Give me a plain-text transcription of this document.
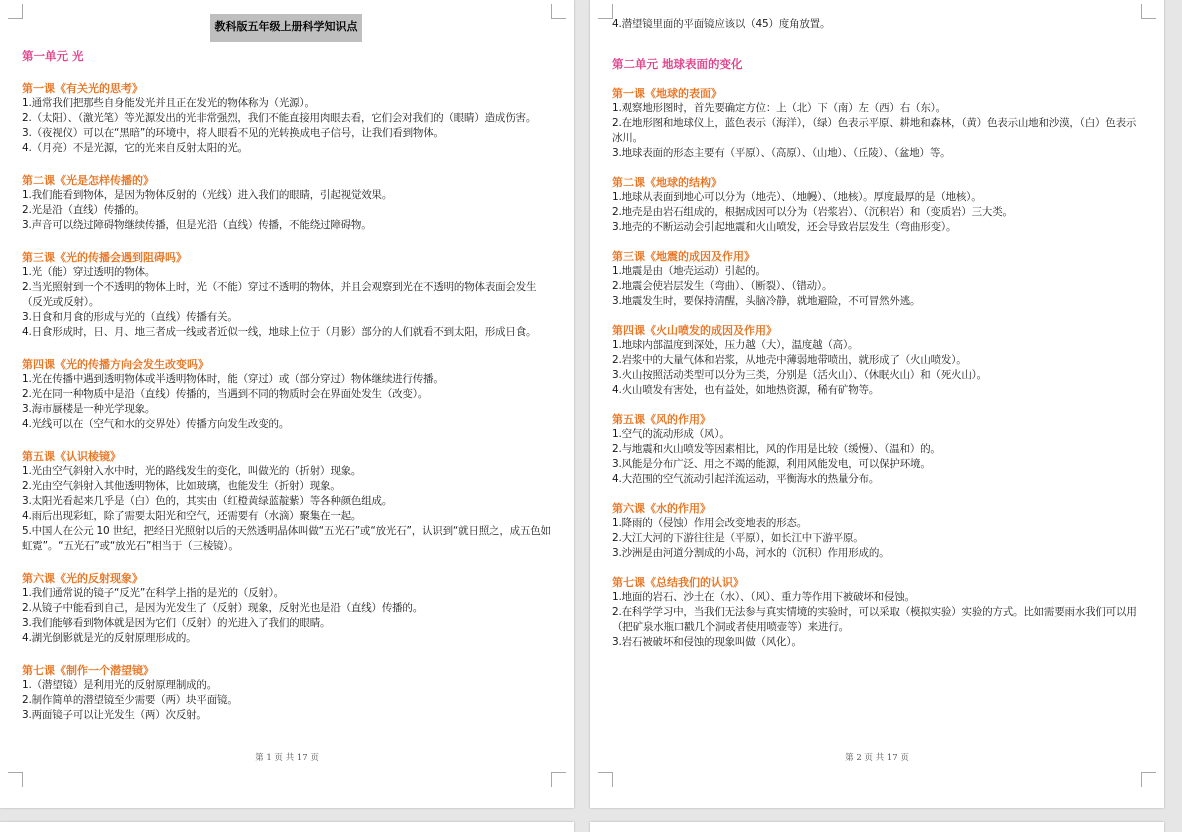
教科版五年级上册科学知识点
第一单元 光
第一课《有关光的思考》
1.通常我们把那些自身能发光并且正在发光的物体称为（光源）。
2.（太阳）、（激光笔）等光源发出的光非常强烈，我们不能直接用肉眼去看，它们会对我们的（眼睛）造成伤害。
3.（夜视仪）可以在“黑暗”的环境中，将人眼看不见的光转换成电子信号，让我们看到物体。
4.（月亮）不是光源，它的光来自反射太阳的光。
第二课《光是怎样传播的》
1.我们能看到物体，是因为物体反射的（光线）进入我们的眼睛，引起视觉效果。
2.光是沿（直线）传播的。
3.声音可以绕过障碍物继续传播，但是光沿（直线）传播，不能绕过障碍物。
第三课《光的传播会遇到阻碍吗》
1.光（能）穿过透明的物体。
2.当光照射到一个不透明的物体上时，光（不能）穿过不透明的物体，并且会观察到光在不透明的物体表面会发生（反光或反射）。
3.日食和月食的形成与光的（直线）传播有关。
4.日食形成时，日、月、地三者成一线或者近似一线，地球上位于（月影）部分的人们就看不到太阳，形成日食。
第四课《光的传播方向会发生改变吗》
1.光在传播中遇到透明物体或半透明物体时，能（穿过）或（部分穿过）物体继续进行传播。
2.光在同一种物质中是沿（直线）传播的，当遇到不同的物质时会在界面处发生（改变）。
3.海市蜃楼是一种光学现象。
4.光线可以在（空气和水的交界处）传播方向发生改变的。
第五课《认识棱镜》
1.光由空气斜射入水中时，光的路线发生的变化，叫做光的（折射）现象。
2.光由空气斜射入其他透明物体，比如玻璃，也能发生（折射）现象。
3.太阳光看起来几乎是（白）色的，其实由（红橙黄绿蓝靛紫）等各种颜色组成。
4.雨后出现彩虹，除了需要太阳光和空气，还需要有（水滴）聚集在一起。
5.中国人在公元 10 世纪，把经日光照射以后的天然透明晶体叫做“五光石”或“放光石”，认识到“就日照之，成五色如虹霓”。“五光石”或“放光石”相当于（三棱镜）。
第六课《光的反射现象》
1.我们通常说的镜子“反光”在科学上指的是光的（反射）。
2.从镜子中能看到自己，是因为光发生了（反射）现象，反射光也是沿（直线）传播的。
3.我们能够看到物体就是因为它们（反射）的光进入了我们的眼睛。
4.湖光倒影就是光的反射原理形成的。
第七课《制作一个潜望镜》
1.（潜望镜）是利用光的反射原理制成的。
2.制作简单的潜望镜至少需要（两）块平面镜。
3.两面镜子可以让光发生（两）次反射。
第 1 页 共 17 页
4.潜望镜里面的平面镜应该以（45）度角放置。
第二单元 地球表面的变化
第一课《地球的表面》
1.观察地形图时，首先要确定方位：上（北）下（南）左（西）右（东）。
2.在地形图和地球仪上，蓝色表示（海洋），（绿）色表示平原、耕地和森林，（黄）色表示山地和沙漠，（白）色表示冰川。
3.地球表面的形态主要有（平原）、（高原）、（山地）、（丘陵）、（盆地）等。
第二课《地球的结构》
1.地球从表面到地心可以分为（地壳）、（地幔）、（地核）。厚度最厚的是（地核）。
2.地壳是由岩石组成的，根据成因可以分为（岩浆岩）、（沉积岩）和（变质岩）三大类。
3.地壳的不断运动会引起地震和火山喷发，还会导致岩层发生（弯曲形变）。
第三课《地震的成因及作用》
1.地震是由（地壳运动）引起的。
2.地震会使岩层发生（弯曲）、（断裂）、（错动）。
3.地震发生时，要保持清醒，头脑冷静，就地避险，不可冒然外逃。
第四课《火山喷发的成因及作用》
1.地球内部温度到深处，压力越（大），温度越（高）。
2.岩浆中的大量气体和岩浆，从地壳中薄弱地带喷出，就形成了（火山喷发）。
3.火山按照活动类型可以分为三类，分别是（活火山）、（休眠火山）和（死火山）。
4.火山喷发有害处，也有益处，如地热资源，稀有矿物等。
第五课《风的作用》
1.空气的流动形成（风）。
2.与地震和火山喷发等因素相比，风的作用是比较（缓慢）、（温和）的。
3.风能是分布广泛、用之不竭的能源，利用风能发电，可以保护环境。
4.大范围的空气流动引起洋流运动，平衡海水的热量分布。
第六课《水的作用》
1.降雨的（侵蚀）作用会改变地表的形态。
2.大江大河的下游往往是（平原），如长江中下游平原。
3.沙洲是由河道分割成的小岛，河水的（沉积）作用形成的。
第七课《总结我们的认识》
1.地面的岩石、沙土在（水）、（风）、重力等作用下被破坏和侵蚀。
2.在科学学习中，当我们无法参与真实情境的实验时，可以采取（模拟实验）实验的方式。比如需要雨水我们可以用（把矿泉水瓶口戳几个洞或者使用喷壶等）来进行。
3.岩石被破坏和侵蚀的现象叫做（风化）。
第 2 页 共 17 页
